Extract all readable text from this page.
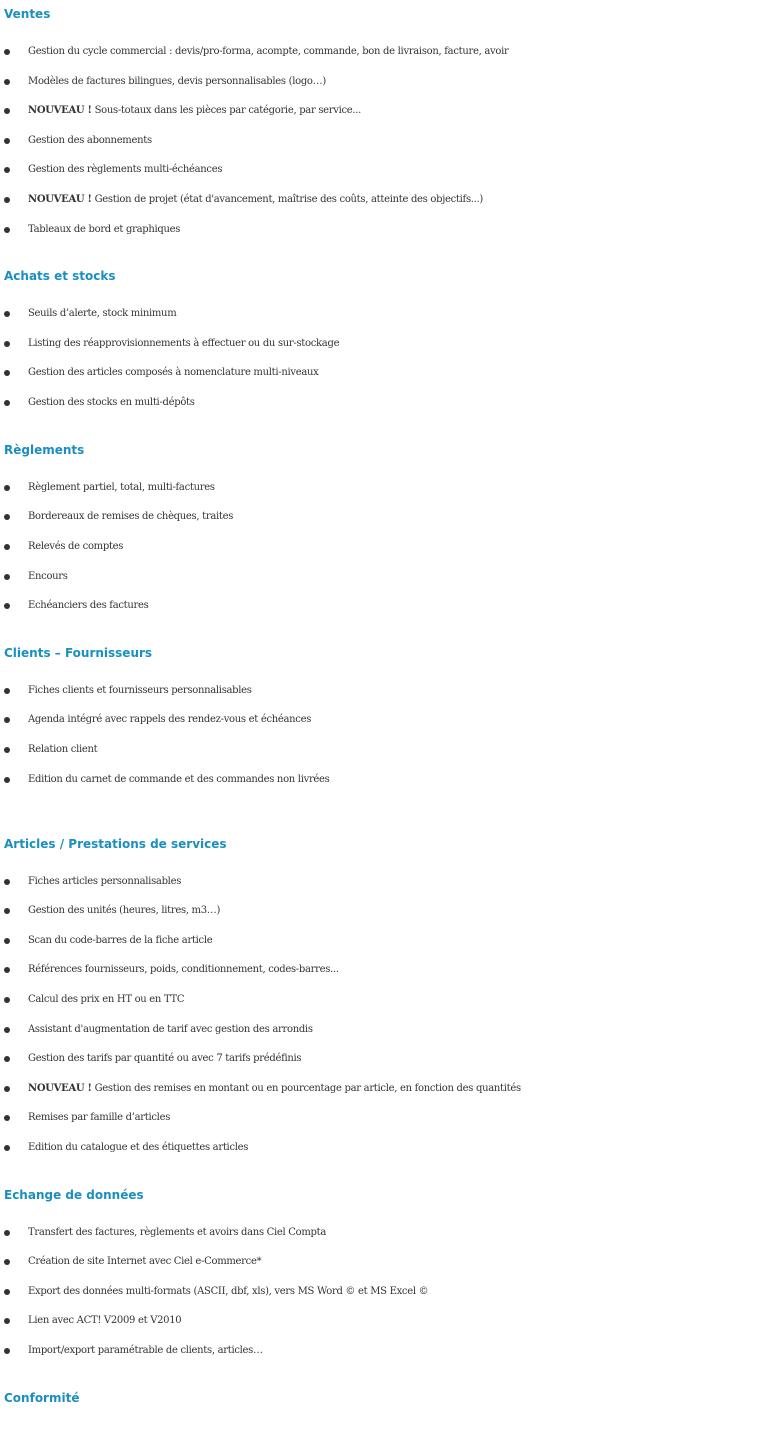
Ventes
Gestion du cycle commercial : devis/pro-forma, acompte, commande, bon de livraison, facture, avoir
Modèles de factures bilingues, devis personnalisables (logo…)
NOUVEAU ! Sous-totaux dans les pièces par catégorie, par service...
Gestion des abonnements
Gestion des règlements multi-échéances
NOUVEAU ! Gestion de projet (état d'avancement, maîtrise des coûts, atteinte des objectifs...)
Tableaux de bord et graphiques
Achats et stocks
Seuils d’alerte, stock minimum
Listing des réapprovisionnements à effectuer ou du sur-stockage
Gestion des articles composés à nomenclature multi-niveaux
Gestion des stocks en multi-dépôts
Règlements
Règlement partiel, total, multi-factures
Bordereaux de remises de chèques, traites
Relevés de comptes
Encours
Echéanciers des factures
Clients – Fournisseurs
Fiches clients et fournisseurs personnalisables
Agenda intégré avec rappels des rendez-vous et échéances
Relation client
Edition du carnet de commande et des commandes non livrées
Articles / Prestations de services
Fiches articles personnalisables
Gestion des unités (heures, litres, m3…)
Scan du code-barres de la fiche article
Références fournisseurs, poids, conditionnement, codes-barres...
Calcul des prix en HT ou en TTC
Assistant d'augmentation de tarif avec gestion des arrondis
Gestion des tarifs par quantité ou avec 7 tarifs prédéfinis
NOUVEAU ! Gestion des remises en montant ou en pourcentage par article, en fonction des quantités
Remises par famille d’articles
Edition du catalogue et des étiquettes articles
Echange de données
Transfert des factures, règlements et avoirs dans Ciel Compta
Création de site Internet avec Ciel e-Commerce*
Export des données multi-formats (ASCII, dbf, xls), vers MS Word © et MS Excel ©
Lien avec ACT! V2009 et V2010
Import/export paramétrable de clients, articles…
Conformité
